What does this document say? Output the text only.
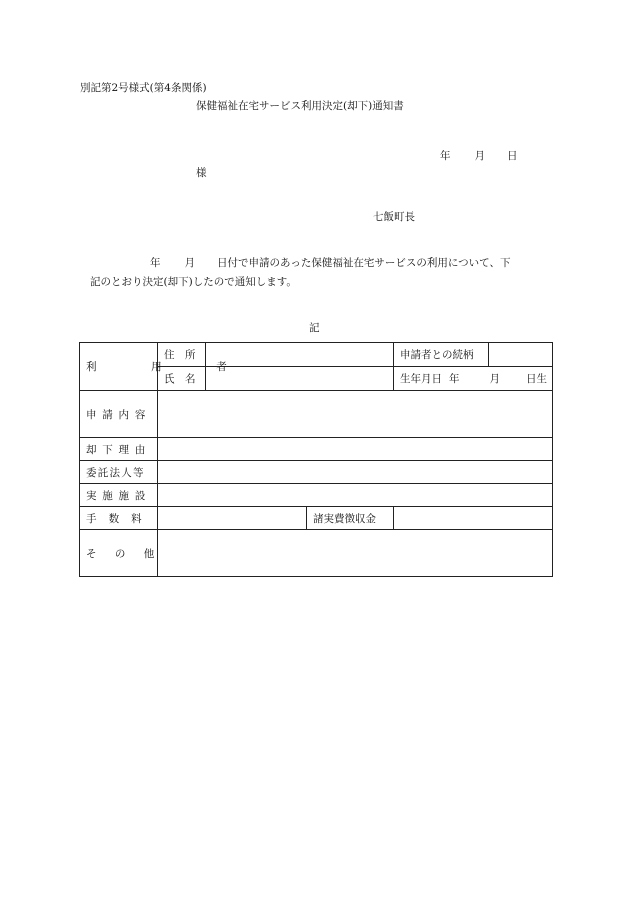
別記第2号様式(第4条関係)
保健福祉在宅サービス利用決定(却下)通知書
年 月 日
様
七飯町長
年 月 日付で申請のあった保健福祉在宅サービスの利用について、下
記のとおり決定(却下)したので通知します。
記
利　用　者	住　所			申請者との続柄

	氏　名			生年月日 年 月 日生

申請内容				
却下理由				
委託法人等				
実施施設				
手数料			諸実費徴収金	
その他				
